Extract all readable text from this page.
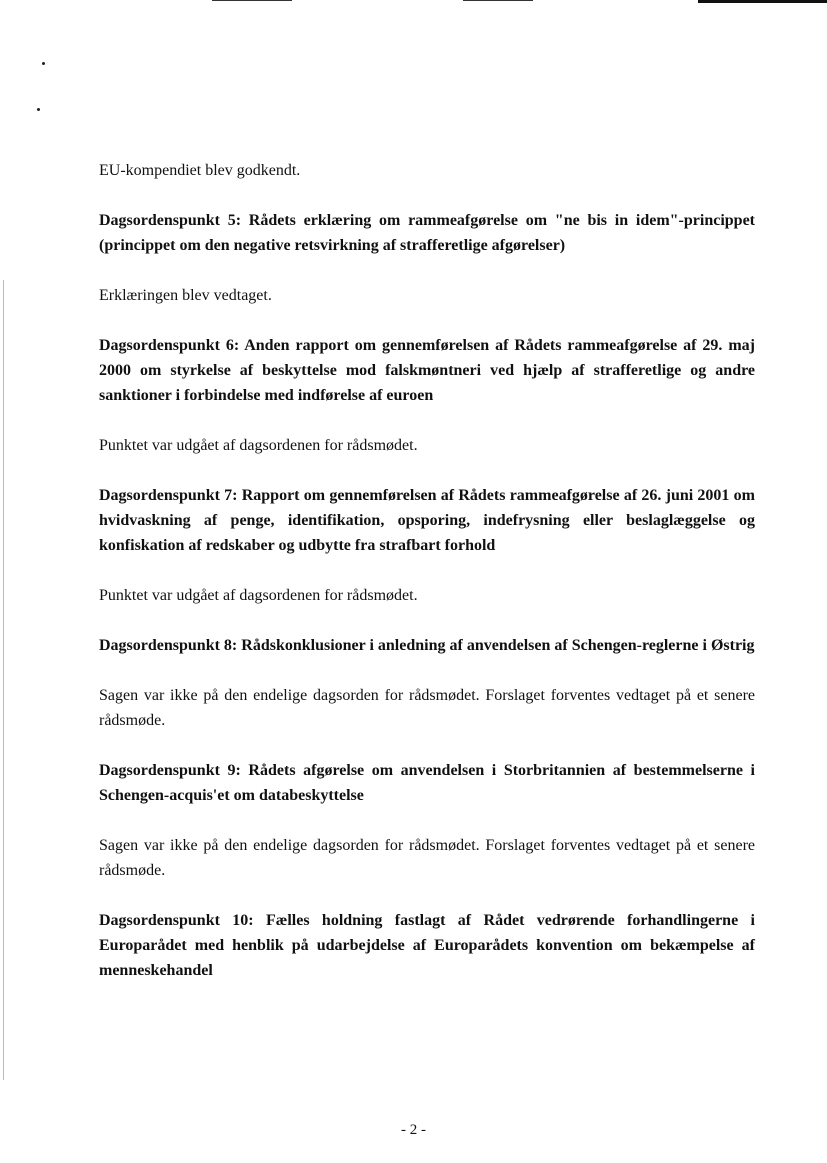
EU-kompendiet blev godkendt.

Dagsordenspunkt 5: Rådets erklæring om rammeafgørelse om "ne bis in idem"-princippet (princippet om den negative retsvirkning af strafferetlige afgørelser)

Erklæringen blev vedtaget.

Dagsordenspunkt 6: Anden rapport om gennemførelsen af Rådets rammeafgørelse af 29. maj 2000 om styrkelse af beskyttelse mod falskmøntneri ved hjælp af strafferetlige og andre sanktioner i forbindelse med indførelse af euroen

Punktet var udgået af dagsordenen for rådsmødet.

Dagsordenspunkt 7: Rapport om gennemførelsen af Rådets rammeafgørelse af 26. juni 2001 om hvidvaskning af penge, identifikation, opsporing, indefrysning eller beslaglæggelse og konfiskation af redskaber og udbytte fra strafbart forhold

Punktet var udgået af dagsordenen for rådsmødet.

Dagsordenspunkt 8: Rådskonklusioner i anledning af anvendelsen af Schengen-reglerne i Østrig

Sagen var ikke på den endelige dagsorden for rådsmødet. Forslaget forventes vedtaget på et senere rådsmøde.

Dagsordenspunkt 9: Rådets afgørelse om anvendelsen i Storbritannien af bestemmelserne i Schengen-acquis'et om databeskyttelse

Sagen var ikke på den endelige dagsorden for rådsmødet. Forslaget forventes vedtaget på et senere rådsmøde.

Dagsordenspunkt 10: Fælles holdning fastlagt af Rådet vedrørende forhandlingerne i Europarådet med henblik på udarbejdelse af Europarådets konvention om bekæmpelse af menneskehandel

- 2 -
